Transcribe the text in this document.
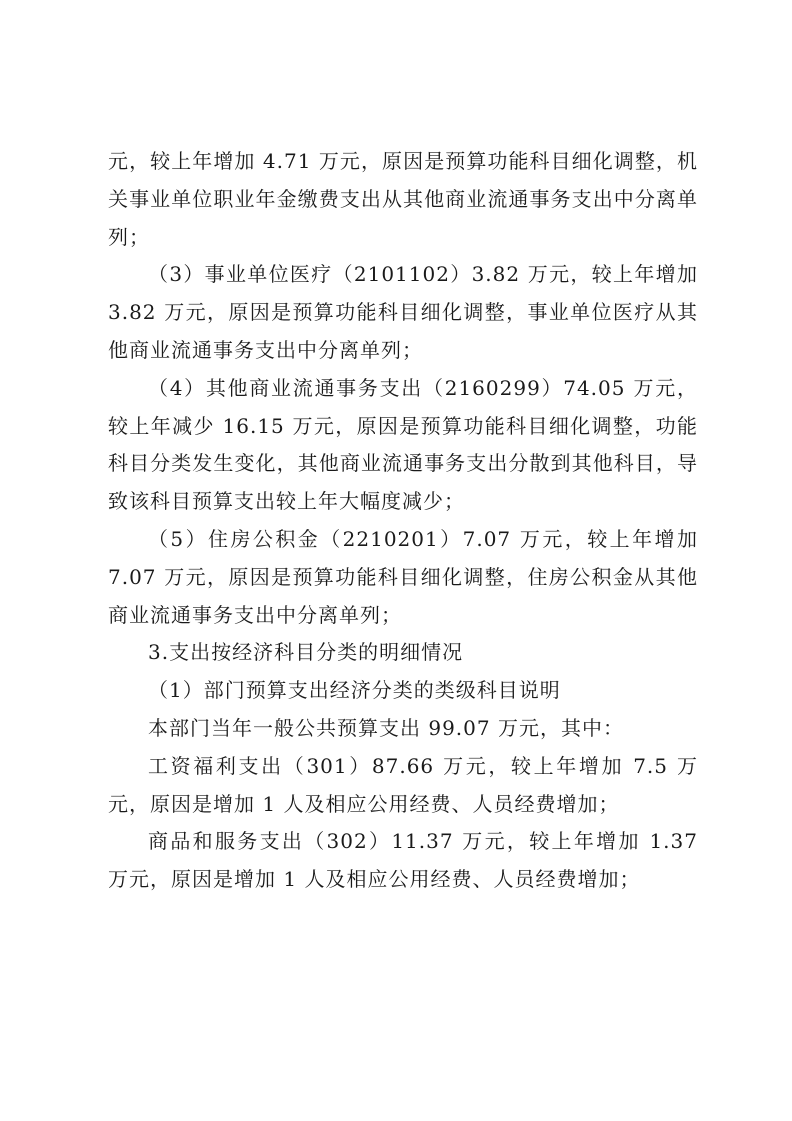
元，较上年增加 4.71 万元，原因是预算功能科目细化调整，机关事业单位职业年金缴费支出从其他商业流通事务支出中分离单列；

（3）事业单位医疗（2101102）3.82 万元，较上年增加 3.82 万元，原因是预算功能科目细化调整，事业单位医疗从其他商业流通事务支出中分离单列；

（4）其他商业流通事务支出（2160299）74.05 万元，较上年减少 16.15 万元，原因是预算功能科目细化调整，功能科目分类发生变化，其他商业流通事务支出分散到其他科目，导致该科目预算支出较上年大幅度减少；

（5）住房公积金（2210201）7.07 万元，较上年增加 7.07 万元，原因是预算功能科目细化调整，住房公积金从其他商业流通事务支出中分离单列；

3.支出按经济科目分类的明细情况

（1）部门预算支出经济分类的类级科目说明

本部门当年一般公共预算支出 99.07 万元，其中：

工资福利支出（301）87.66 万元，较上年增加 7.5 万元，原因是增加 1 人及相应公用经费、人员经费增加；

商品和服务支出（302）11.37 万元，较上年增加 1.37 万元，原因是增加 1 人及相应公用经费、人员经费增加；
